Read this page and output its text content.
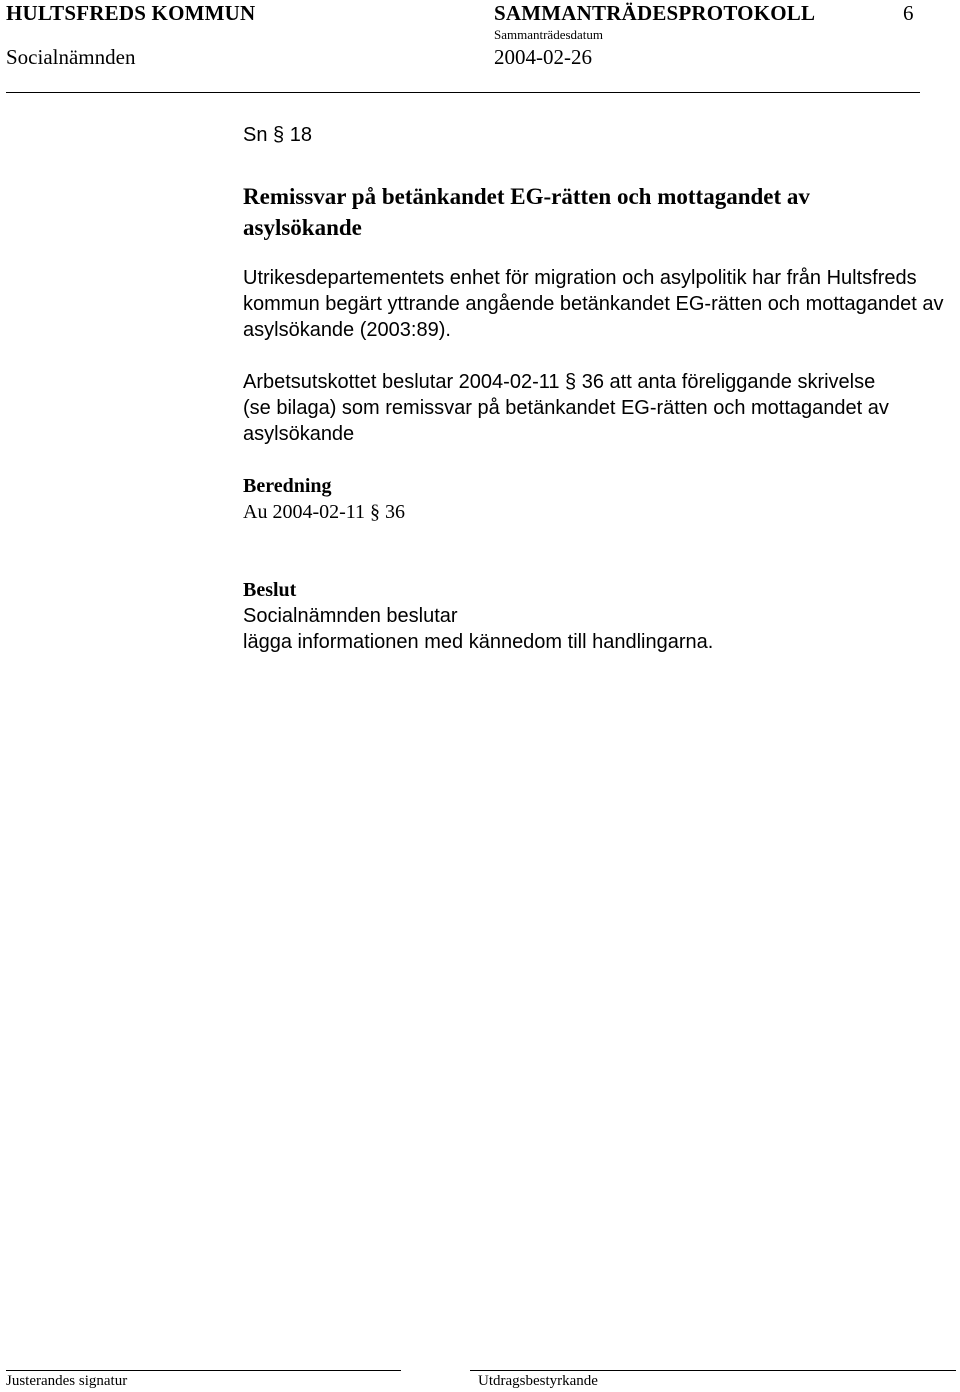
HULTSFREDS KOMMUN	SAMMANTRÄDESPROTOKOLL	6
Socialnämnden
Sammanträdesdatum
2004-02-26
Sn § 18
Remissvar på betänkandet EG-rätten och mottagandet av
asylsökande
Utrikesdepartementets enhet för migration och asylpolitik har från Hultsfreds
kommun begärt yttrande angående betänkandet EG-rätten och mottagandet av
asylsökande (2003:89).
Arbetsutskottet beslutar 2004-02-11 § 36 att anta föreliggande skrivelse
(se bilaga) som remissvar på betänkandet EG-rätten och mottagandet av
asylsökande
Beredning
Au 2004-02-11 § 36
Beslut
Socialnämnden beslutar
lägga informationen med kännedom till handlingarna.
Justerandes signatur	Utdragsbestyrkande
